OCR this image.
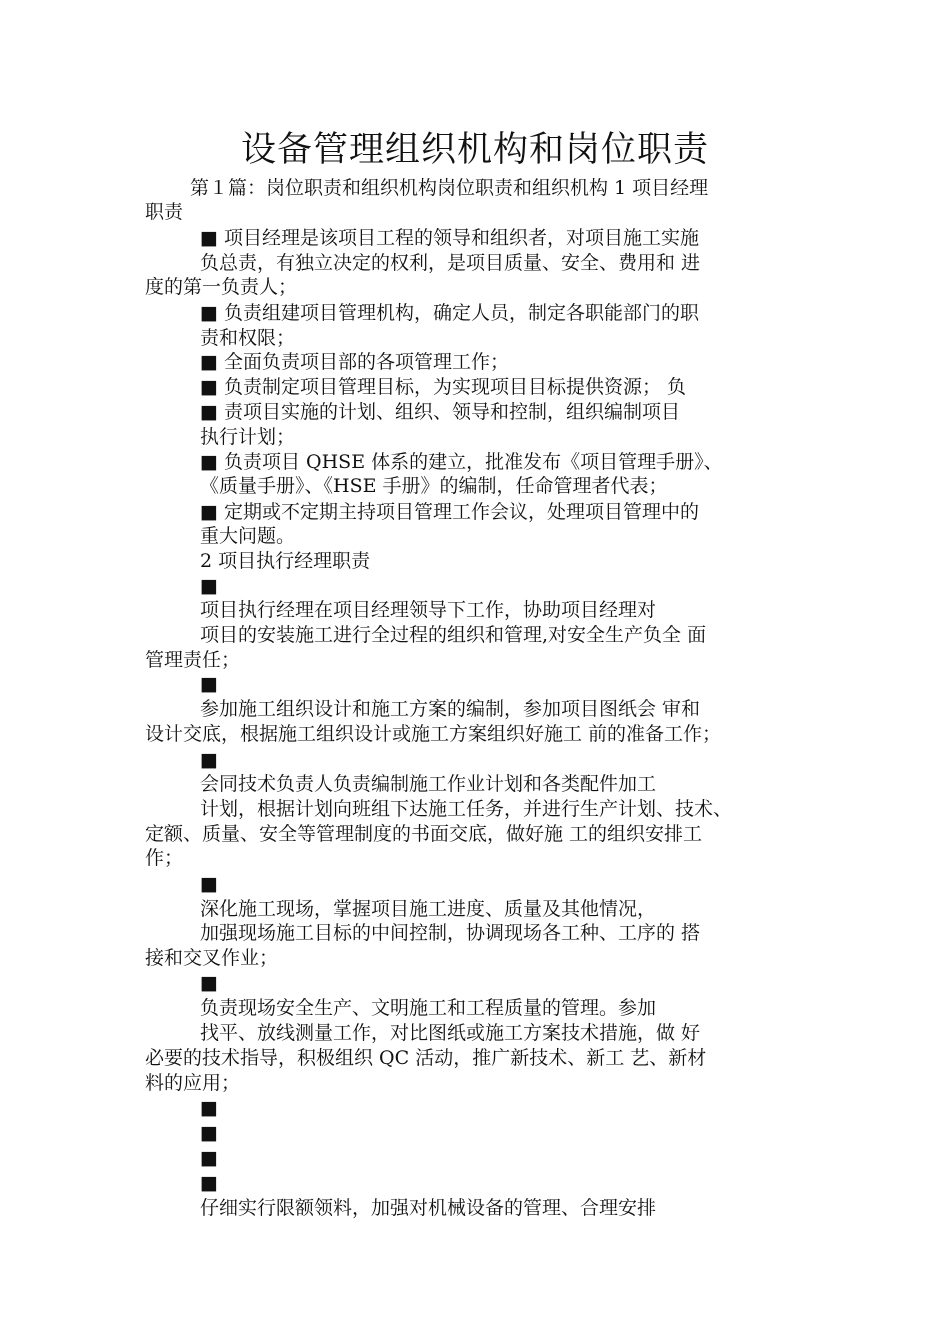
设备管理组织机构和岗位职责
第１篇：岗位职责和组织机构岗位职责和组织机构 1 项目经理
职责
■ 项目经理是该项目工程的领导和组织者，对项目施工实施
负总责，有独立决定的权利，是项目质量、安全、费用和 进
度的第一负责人；
■ 负责组建项目管理机构，确定人员，制定各职能部门的职
责和权限；
■ 全面负责项目部的各项管理工作；
■ 负责制定项目管理目标，为实现项目目标提供资源； 负
■ 责项目实施的计划、组织、领导和控制，组织编制项目
执行计划；
■ 负责项目 QHSE 体系的建立，批准发布《项目管理手册》、
《质量手册》、《HSE 手册》的编制，任命管理者代表；
■ 定期或不定期主持项目管理工作会议，处理项目管理中的
重大问题。
2 项目执行经理职责
■
项目执行经理在项目经理领导下工作，协助项目经理对
项目的安装施工进行全过程的组织和管理,对安全生产负全 面
管理责任；
■
参加施工组织设计和施工方案的编制，参加项目图纸会 审和
设计交底，根据施工组织设计或施工方案组织好施工 前的准备工作；
■
会同技术负责人负责编制施工作业计划和各类配件加工
计划，根据计划向班组下达施工任务，并进行生产计划、技术、
定额、质量、安全等管理制度的书面交底，做好施 工的组织安排工
作；
■
深化施工现场，掌握项目施工进度、质量及其他情况，
加强现场施工目标的中间控制，协调现场各工种、工序的 搭
接和交叉作业；
■
负责现场安全生产、文明施工和工程质量的管理。参加
找平、放线测量工作，对比图纸或施工方案技术措施，做 好
必要的技术指导，积极组织 QC 活动，推广新技术、新工 艺、新材
料的应用；
■
■
■
■
仔细实行限额领料，加强对机械设备的管理、合理安排
